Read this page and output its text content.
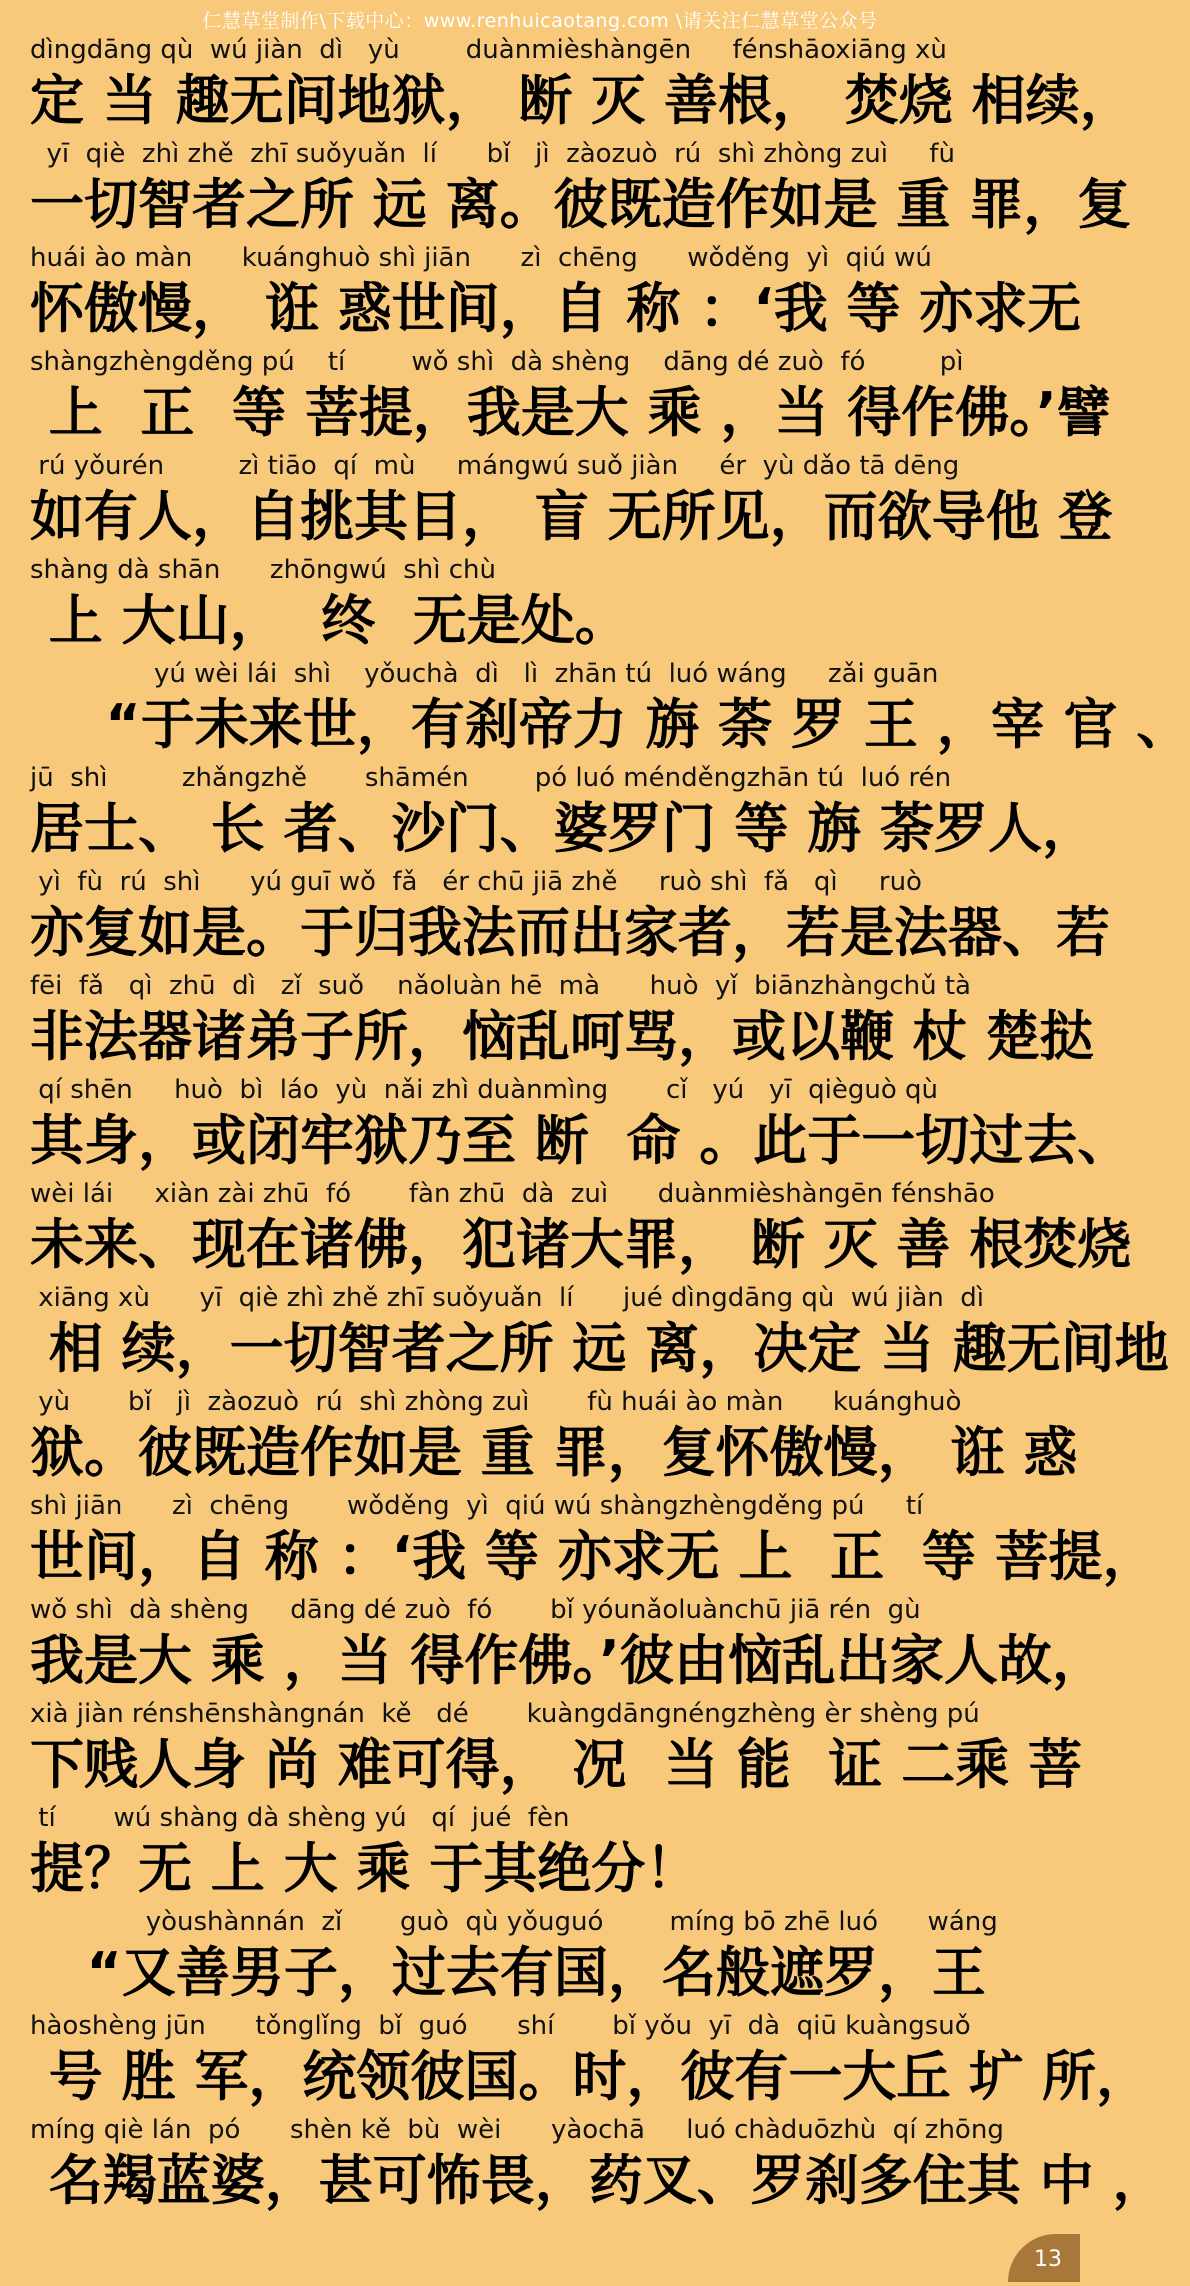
仁慧草堂制作\下载中心：www.renhuicaotang.com \请关注仁慧草堂公众号
dìngdāng qù  wú jiàn  dì   yù        duànmièshàngēn     fénshāoxiāng xù
定 当 趣无间地狱， 断 灭 善根， 焚烧 相续，
yī  qiè  zhì zhě  zhī suǒyuǎn  lí      bǐ   jì  zàozuò  rú  shì zhòng zuì     fù
一切智者之所 远 离。彼既造作如是 重 罪，复
huái ào màn      kuánghuò shì jiān      zì  chēng      wǒděng  yì  qiú wú
怀傲慢， 诳 惑世间，自 称 ：‘我 等 亦求无
shàngzhèngděng pú    tí        wǒ shì  dà shèng    dāng dé zuò  fó         pì
上  正  等 菩提，我是大 乘 ，当 得作佛。’譬
rú yǒurén         zì tiāo  qí  mù     mángwú suǒ jiàn     ér  yù dǎo tā dēng
如有人，自挑其目， 盲 无所见，而欲导他 登
shàng dà shān      zhōngwú  shì chù
上 大山，  终  无是处。
yú wèi lái  shì    yǒuchà  dì   lì  zhān tú  luó wáng     zǎi guān
“于未来世，有刹帝力 旃 荼 罗 王 ，宰 官 、
jū  shì         zhǎngzhě       shāmén        pó luó ménděngzhān tú  luó rén
居士、 长 者、沙门、婆罗门 等 旃 荼罗人，
yì  fù  rú  shì      yú guī wǒ  fǎ   ér chū jiā zhě     ruò shì  fǎ   qì     ruò
亦复如是。于归我法而出家者，若是法器、若
fēi  fǎ   qì  zhū  dì   zǐ  suǒ    nǎoluàn hē  mà      huò  yǐ  biānzhàngchǔ tà
非法器诸弟子所，恼乱呵骂，或以鞭 杖 楚挞
qí shēn     huò  bì  láo  yù  nǎi zhì duànmìng       cǐ   yú   yī  qièguò qù
其身，或闭牢狱乃至 断  命 。此于一切过去、
wèi lái     xiàn zài zhū  fó       fàn zhū  dà  zuì      duànmièshàngēn fénshāo
未来、现在诸佛，犯诸大罪， 断 灭 善 根焚烧
xiāng xù      yī  qiè zhì zhě zhī suǒyuǎn  lí      jué dìngdāng qù  wú jiàn  dì
相 续，一切智者之所 远 离，决定 当 趣无间地
yù       bǐ   jì  zàozuò  rú  shì zhòng zuì       fù huái ào màn      kuánghuò
狱。彼既造作如是 重 罪，复怀傲慢， 诳 惑
shì jiān      zì  chēng       wǒděng  yì  qiú wú shàngzhèngděng pú     tí
世间，自 称 ：‘我 等 亦求无 上  正  等 菩提，
wǒ shì  dà shèng     dāng dé zuò  fó       bǐ yóunǎoluànchū jiā rén  gù
我是大 乘 ，当 得作佛。’彼由恼乱出家人故，
xià jiàn rénshēnshàngnán  kě   dé       kuàngdāngnéngzhèng èr shèng pú
下贱人身 尚 难可得， 况  当 能  证 二乘 菩
tí       wú shàng dà shèng yú   qí  jué  fèn
提？无 上 大 乘 于其绝分！
yòushànnán  zǐ       guò  qù yǒuguó        míng bō zhē luó      wáng
“又善男子，过去有国，名般遮罗，王
hàoshèng jūn      tǒnglǐng  bǐ  guó      shí       bǐ yǒu  yī  dà  qiū kuàngsuǒ
号 胜 军，统领彼国。时，彼有一大丘 圹 所，
míng qiè lán  pó      shèn kě  bù  wèi      yàochā     luó chàduōzhù  qí zhōng
名羯蓝婆，甚可怖畏，药叉、罗刹多住其 中 ，
13
